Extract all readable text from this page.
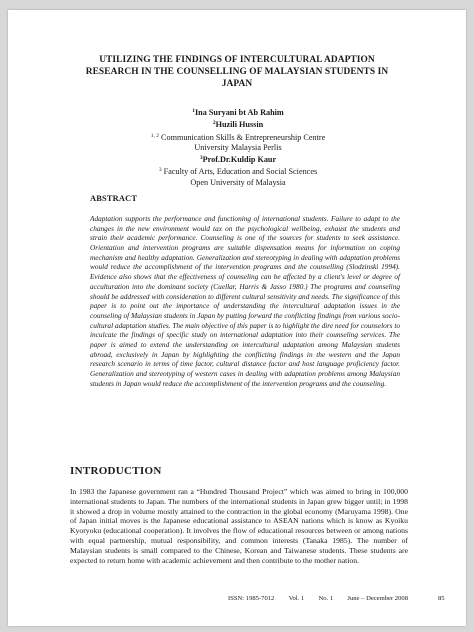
UTILIZING THE FINDINGS OF INTERCULTURAL ADAPTION RESEARCH IN THE COUNSELLING OF MALAYSIAN STUDENTS IN JAPAN
$^1$Ina Suryani bt Ab Rahim
$^2$Huzili Hussin
$^{1, 2}$ Communication Skills & Entrepreneurship Centre
University Malaysia Perlis
$^3$Prof.Dr.Kuldip Kaur
$^3$ Faculty of Arts, Education and Social Sciences
Open University of Malaysia
ABSTRACT

Adaptation supports the performance and functioning of international students. Failure to adapt to the changes in the new environment would tax on the psychological wellbeing, exhaust the students and strain their academic performance. Counseling is one of the sources for students to seek assistance. Orientation and intervention programs are suitable dispensation means for information on coping mechanism and healthy adaptation. Generalization and stereotyping in dealing with adaptation problems would reduce the accomplishment of the intervention programs and the counselling (Slodzinski 1994). Evidence also shows that the effectiveness of counseling can be affected by a client's level or degree of acculturation into the dominant society (Cuellar, Harris & Jasso 1980.) The programs and counseling should be addressed with consideration to different cultural sensitivity and needs. The significance of this paper is to point out the importance of understanding the intercultural adaptation issues in the counseling of Malaysian students in Japan by putting forward the conflicting findings from various socio-cultural adaptation studies. The main objective of this paper is to highlight the dire need for counselors to inculcate the findings of specific study on international adaptation into their counseling services. The paper is aimed to extend the understanding on intercultural adaptation among Malaysian students abroad, exclusively in Japan by highlighting the conflicting findings in the western and the Japan research scenario in terms of time factor, cultural distance factor and host language proficiency factor. Generalization and stereotyping of western cases in dealing with adaptation problems among Malaysian students in Japan would reduce the accomplishment of the intervention programs and the counseling.

INTRODUCTION

In 1983 the Japanese government ran a “Hundred Thousand Project” which was aimed to bring in 100,000 international students to Japan. The numbers of the international students in Japan grew bigger until; in 1998 it showed a drop in volume mostly attained to the contraction in the global economy (Maruyama 1998). One of Japan initial moves is the Japanese educational assistance to ASEAN nations which is know as Kyoiku Kyoryoku (educational cooperation). It involves the flow of educational resources between or among nations with equal partnership, mutual responsibility, and common interests (Tanaka 1985). The number of Malaysian students is small compared to the Chinese, Korean and Taiwanese students. These students are expected to return home with academic achievement and then contribute to the mother nation.

ISSN: 1985-7012 Vol. 1 No. 1 June – December 2008	85
